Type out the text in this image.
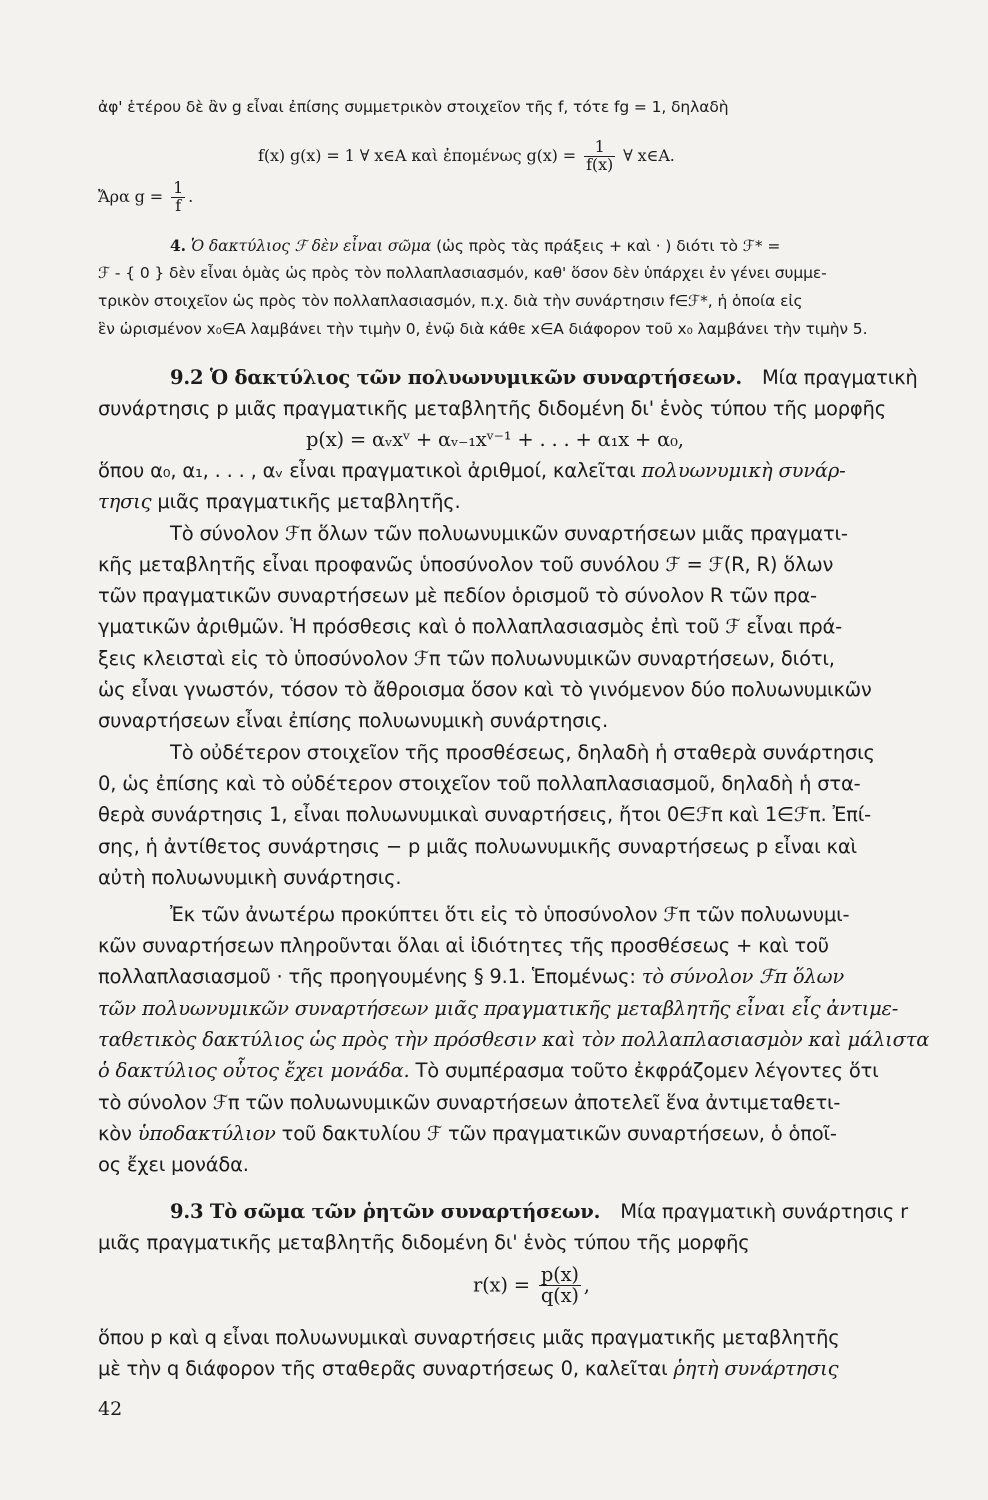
ἀφ' ἑτέρου δὲ ἂν g εἶναι ἐπίσης συμμετρικὸν στοιχεῖον τῆς f, τότε fg = 1, δηλαδὴ

f(x) g(x) = 1 ∀ x∈A καὶ ἐπομένως $g(x) = \frac{1}{f(x)}$ ∀ x∈A.

Ἄρα $g = \frac{1}{f}$ .

4. Ὁ δακτύλιος ℱ δὲν εἶναι σῶμα (ὡς πρὸς τὰς πράξεις + καὶ · ) διότι τὸ ℱ* =

ℱ - { 0 } δὲν εἶναι ὁμὰς ὡς πρὸς τὸν πολλαπλασιασμόν, καθ' ὅσον δὲν ὑπάρχει ἐν γένει συμμε-

τρικὸν στοιχεῖον ὡς πρὸς τὸν πολλαπλασιασμόν, π.χ. διὰ τὴν συνάρτησιν f∈ℱ*, ἡ ὁποία εἰς

ἓν ὡρισμένον x₀∈A λαμβάνει τὴν τιμὴν 0, ἐνῷ διὰ κάθε x∈A διάφορον τοῦ x₀ λαμβάνει τὴν τιμὴν 5.

9.2 Ὁ δακτύλιος τῶν πολυωνυμικῶν συναρτήσεων. Μία πραγματικὴ

συνάρτησις p μιᾶς πραγματικῆς μεταβλητῆς διδομένη δι' ἑνὸς τύπου τῆς μορφῆς

p(x) = αᵥxᵛ + αᵥ₋₁xᵛ⁻¹ + . . . + α₁x + α₀,

ὅπου α₀, α₁, . . . , αᵥ εἶναι πραγματικοὶ ἀριθμοί, καλεῖται πολυωνυμικὴ συνάρ-

τησις μιᾶς πραγματικῆς μεταβλητῆς.

Τὸ σύνολον ℱπ ὅλων τῶν πολυωνυμικῶν συναρτήσεων μιᾶς πραγματι-

κῆς μεταβλητῆς εἶναι προφανῶς ὑποσύνολον τοῦ συνόλου ℱ = ℱ(R, R) ὅλων

τῶν πραγματικῶν συναρτήσεων μὲ πεδίον ὁρισμοῦ τὸ σύνολον R τῶν πρα-

γματικῶν ἀριθμῶν. Ἡ πρόσθεσις καὶ ὁ πολλαπλασιασμὸς ἐπὶ τοῦ ℱ εἶναι πρά-

ξεις κλεισταὶ εἰς τὸ ὑποσύνολον ℱπ τῶν πολυωνυμικῶν συναρτήσεων, διότι,

ὡς εἶναι γνωστόν, τόσον τὸ ἄθροισμα ὅσον καὶ τὸ γινόμενον δύο πολυωνυμικῶν

συναρτήσεων εἶναι ἐπίσης πολυωνυμικὴ συνάρτησις.

Τὸ οὐδέτερον στοιχεῖον τῆς προσθέσεως, δηλαδὴ ἡ σταθερὰ συνάρτησις

0, ὡς ἐπίσης καὶ τὸ οὐδέτερον στοιχεῖον τοῦ πολλαπλασιασμοῦ, δηλαδὴ ἡ στα-

θερὰ συνάρτησις 1, εἶναι πολυωνυμικαὶ συναρτήσεις, ἤτοι 0∈ℱπ καὶ 1∈ℱπ. Ἐπί-

σης, ἡ ἀντίθετος συνάρτησις − p μιᾶς πολυωνυμικῆς συναρτήσεως p εἶναι καὶ

αὐτὴ πολυωνυμικὴ συνάρτησις.

Ἐκ τῶν ἀνωτέρω προκύπτει ὅτι εἰς τὸ ὑποσύνολον ℱπ τῶν πολυωνυμι-

κῶν συναρτήσεων πληροῦνται ὅλαι αἱ ἰδιότητες τῆς προσθέσεως + καὶ τοῦ

πολλαπλασιασμοῦ · τῆς προηγουμένης § 9.1. Ἑπομένως: τὸ σύνολον ℱπ ὅλων

τῶν πολυωνυμικῶν συναρτήσεων μιᾶς πραγματικῆς μεταβλητῆς εἶναι εἷς ἀντιμε-

ταθετικὸς δακτύλιος ὡς πρὸς τὴν πρόσθεσιν καὶ τὸν πολλαπλασιασμὸν καὶ μάλιστα

ὁ δακτύλιος οὗτος ἔχει μονάδα. Τὸ συμπέρασμα τοῦτο ἐκφράζομεν λέγοντες ὅτι

τὸ σύνολον ℱπ τῶν πολυωνυμικῶν συναρτήσεων ἀποτελεῖ ἕνα ἀντιμεταθετι-

κὸν ὑποδακτύλιον τοῦ δακτυλίου ℱ τῶν πραγματικῶν συναρτήσεων, ὁ ὁποῖ-

ος ἔχει μονάδα.

9.3 Τὸ σῶμα τῶν ῥητῶν συναρτήσεων. Μία πραγματικὴ συνάρτησις r

μιᾶς πραγματικῆς μεταβλητῆς διδομένη δι' ἑνὸς τύπου τῆς μορφῆς

$r(x) = \frac{p(x)}{q(x)}$ ,

ὅπου p καὶ q εἶναι πολυωνυμικαὶ συναρτήσεις μιᾶς πραγματικῆς μεταβλητῆς

μὲ τὴν q διάφορον τῆς σταθερᾶς συναρτήσεως 0, καλεῖται ῥητὴ συνάρτησις

42
